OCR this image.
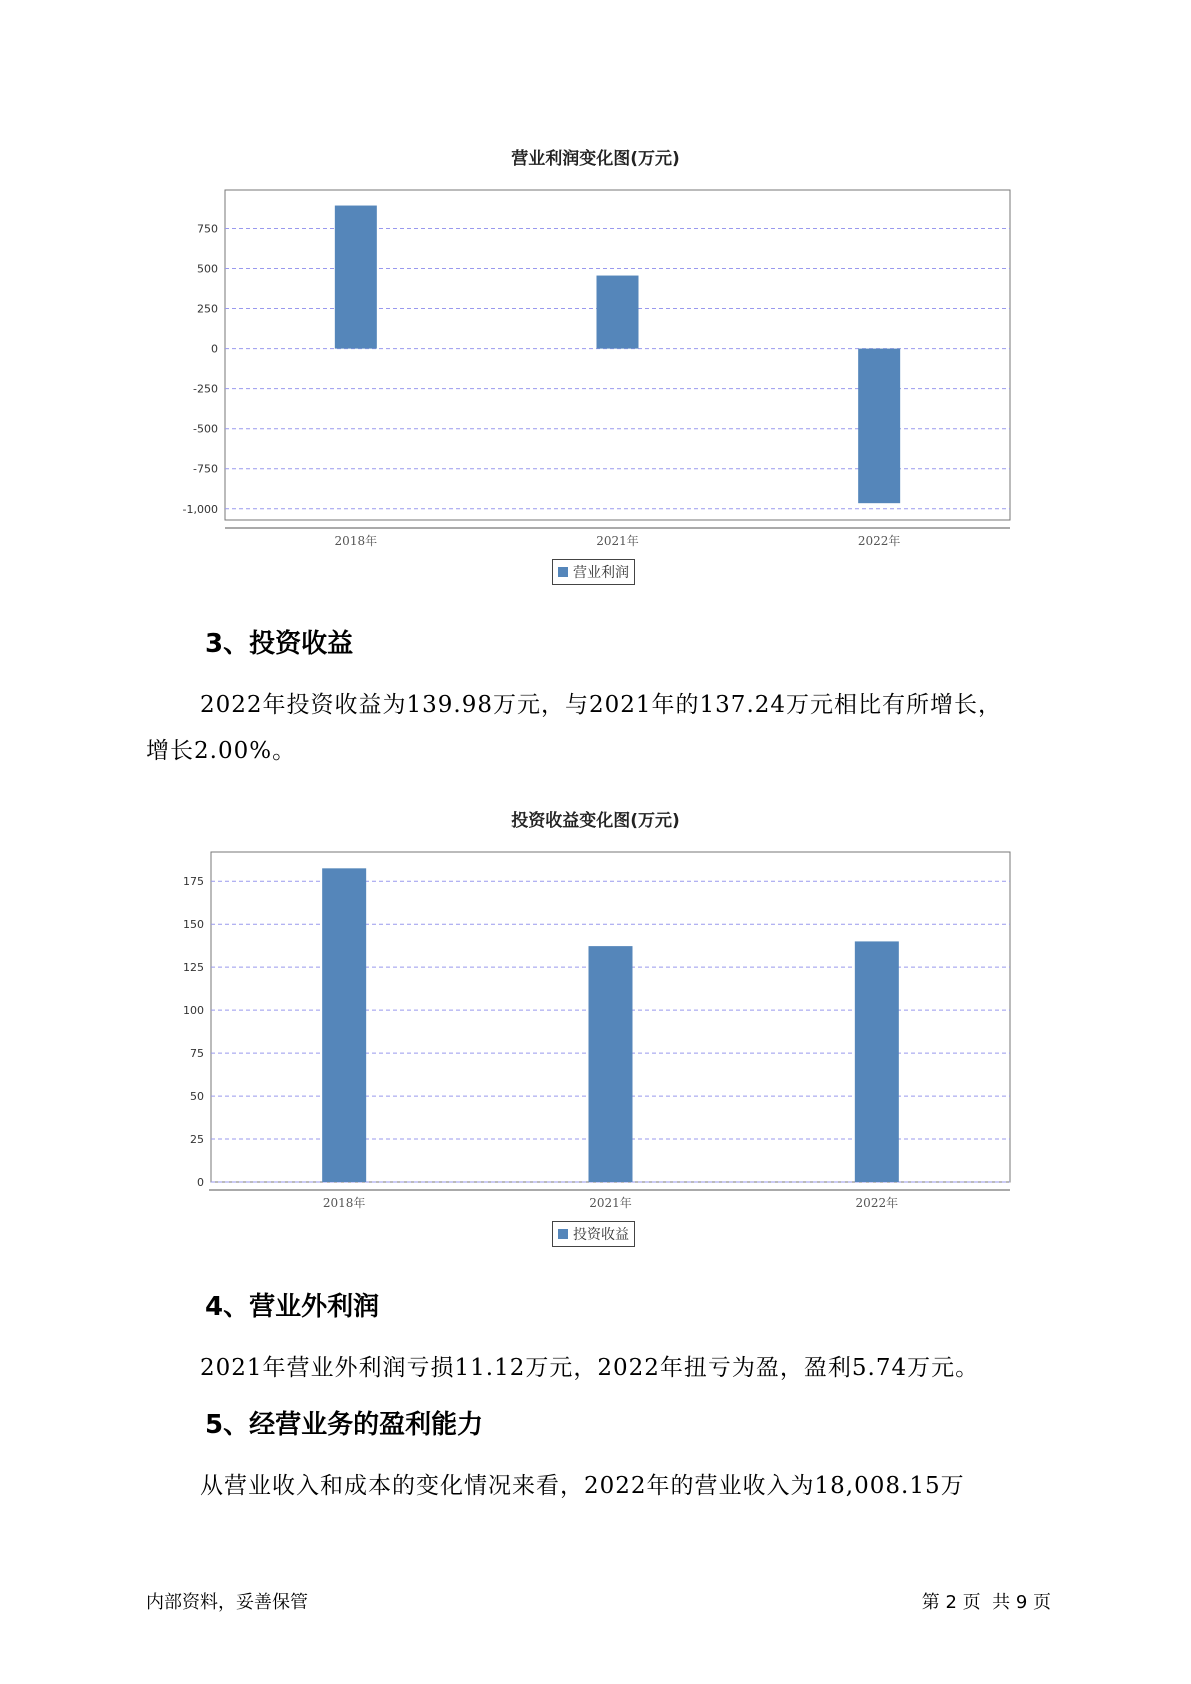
营业利润变化图(万元)
750
500
250
0
-250
-500
-750
-1,000
2018年	2021年	2022年
营业利润
3、投资收益
2022年投资收益为139.98万元，与2021年的137.24万元相比有所增长，
增长2.00%。
投资收益变化图(万元)
175
150
125
100
75
50
25
0
2018年	2021年	2022年
投资收益
4、营业外利润
2021年营业外利润亏损11.12万元，2022年扭亏为盈，盈利5.74万元。
5、经营业务的盈利能力
从营业收入和成本的变化情况来看，2022年的营业收入为18,008.15万
内部资料，妥善保管	第 2 页  共 9 页
